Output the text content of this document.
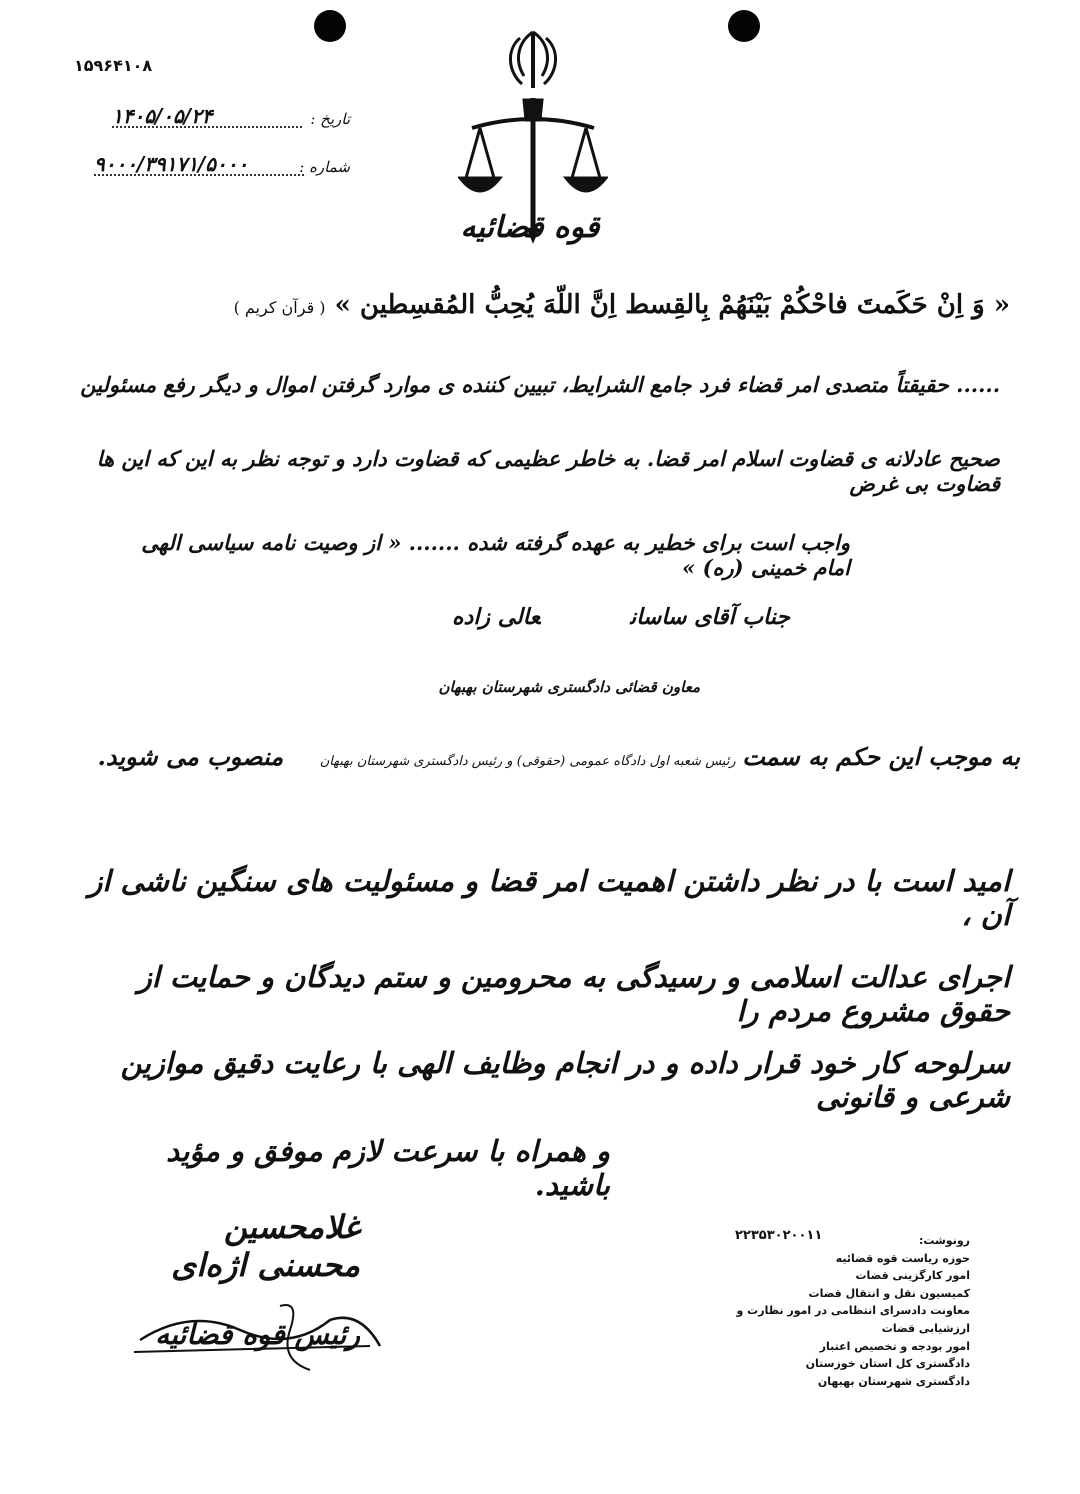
۱۵۹۶۴۱۰۸
۱۴۰۵/۰۵/۲۴	تاریخ :
۹۰۰۰/۳۹۱۷۱/۵۰۰۰	شماره :
قوه قضائیه
« وَ اِنْ حَکَمتَ فاحْکُمْ بَیْنَهُمْ بِالقِسط اِنَّ اللّهَ یُحِبُّ المُقسِطین » ( قرآن کریم )
...... حقیقتاً متصدی امر قضاء فرد جامع الشرایط، تبیین کننده ی موارد گرفتن اموال و دیگر رفع مسئولین
صحیح عادلانه ی قضاوت اسلام امر قضا. به خاطر عظیمی که قضاوت دارد و توجه نظر به این که این ها قضاوت بی غرض
واجب است برای خطیر به عهده گرفته شده ....... « از وصیت نامه سیاسی الهی امام خمینی (ره) »
جناب آقای ساسانعالی زاده
معاون قضائی دادگستری شهرستان بهبهان
به موجب این حکم به سمت رئیس شعبه اول دادگاه عمومی (حقوقی) و رئیس دادگستری شهرستان بهبهان منصوب می شوید.
امید است با در نظر داشتن اهمیت امر قضا و مسئولیت های سنگین ناشی از آن ،
اجرای عدالت اسلامی و رسیدگی به محرومین و ستم دیدگان و حمایت از حقوق مشروع مردم را
سرلوحه کار خود قرار داده و در انجام وظایف الهی با رعایت دقیق موازین شرعی و قانونی
و همراه با سرعت لازم موفق و مؤید باشید.
غلامحسین محسنی اژه‌ای
رئیس قوه قضائیه
۲۲۳۵۳۰۲۰۰۱۱	رونوشت:
حوزه ریاست قوه قضائیه
امور کارگزینی قضات
کمیسیون نقل و انتقال قضات
معاونت دادسرای انتظامی در امور نظارت و ارزشیابی قضات
امور بودجه و تخصیص اعتبار
دادگستری کل استان خوزستان
دادگستری شهرستان بهبهان
